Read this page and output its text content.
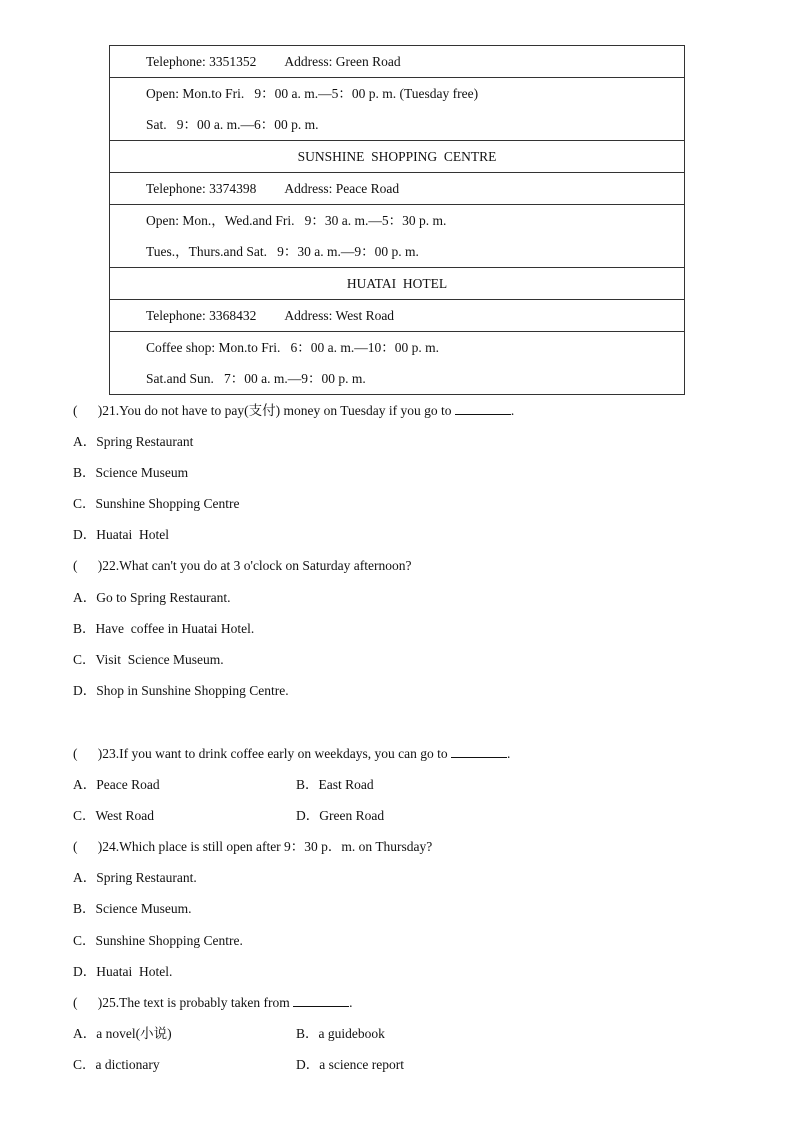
Telephone: 3351352 Address: Green Road
Open: Mon.to Fri.   9：00 a. m.—5：00 p. m. (Tuesday free)
Sat.   9：00 a. m.—6：00 p. m.
SUNSHINE  SHOPPING  CENTRE
Telephone: 3374398 Address: Peace Road
Open: Mon.，Wed.and Fri.   9：30 a. m.—5：30 p. m.
Tues.，Thurs.and Sat.   9：30 a. m.—9：00 p. m.
HUATAI  HOTEL
Telephone: 3368432 Address: West Road
Coffee shop: Mon.to Fri.   6：00 a. m.—10：00 p. m.
Sat.and Sun.   7：00 a. m.—9：00 p. m.
(      )21.You do not have to pay(支付) money on Tuesday if you go to	.
A．Spring Restaurant
B．Science Museum
C．Sunshine Shopping Centre
D．Huatai  Hotel
(      )22.What can't you do at 3 o'clock on Saturday afternoon?
A．Go to Spring Restaurant.
B．Have  coffee in Huatai Hotel.
C．Visit  Science Museum.
D．Shop in Sunshine Shopping Centre.
(      )23.If you want to drink coffee early on weekdays, you can go to	.
A．Peace Road	B．East Road
C．West Road	D．Green Road
(      )24.Which place is still open after 9：30 p．m. on Thursday?
A．Spring Restaurant.
B．Science Museum.
C．Sunshine Shopping Centre.
D．Huatai  Hotel.
(      )25.The text is probably taken from	.
A．a novel(小说)	B．a guidebook
C．a dictionary	D．a science report
